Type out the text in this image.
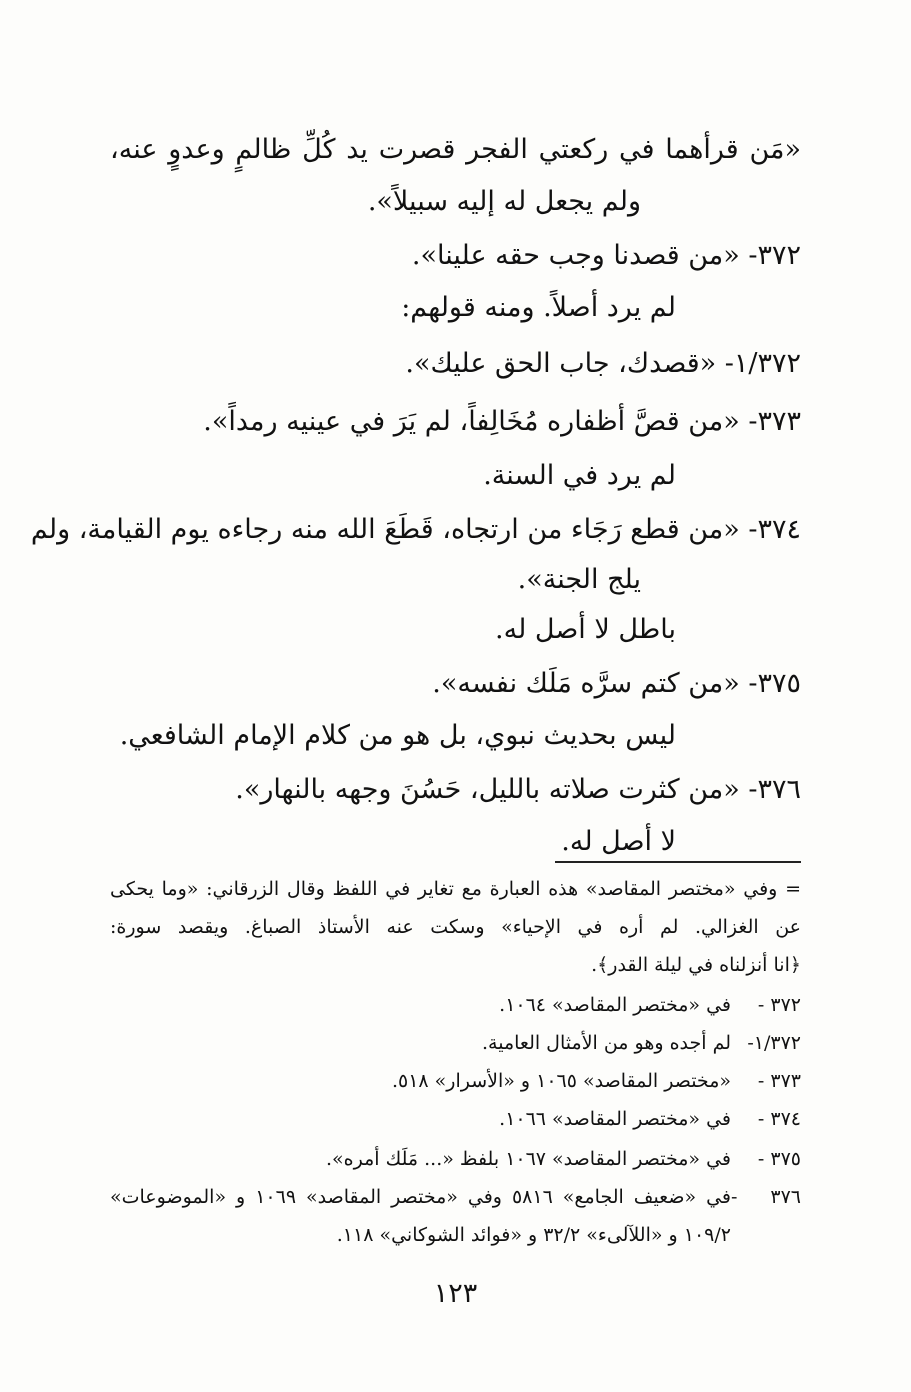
«مَن قرأهما في ركعتي الفجر قصرت يد كُلِّ ظالمٍ وعدوٍ عنه،
ولم يجعل له إليه سبيلاً».
٣٧٢- «من قصدنا وجب حقه علينا».
لم يرد أصلاً. ومنه قولهم:
١/٣٧٢- «قصدك، جاب الحق عليك».
٣٧٣- «من قصَّ أظفاره مُخَالِفاً، لم يَرَ في عينيه رمداً».
لم يرد في السنة.
٣٧٤- «من قطع رَجَاء من ارتجاه، قَطَعَ الله منه رجاءه يوم القيامة، ولم
يلج الجنة».
باطل لا أصل له.
٣٧٥- «من كتم سرَّه مَلَك نفسه».
ليس بحديث نبوي، بل هو من كلام الإمام الشافعي.
٣٧٦- «من كثرت صلاته بالليل، حَسُنَ وجهه بالنهار».
لا أصل له.
= وفي «مختصر المقاصد» هذه العبارة مع تغاير في اللفظ وقال الزرقاني: «وما يحكى
عن الغزالي. لم أره في الإحياء» وسكت عنه الأستاذ الصباغ. ويقصد سورة:
﴿انا أنزلناه في ليلة القدر﴾.
٣٧٢ -في «مختصر المقاصد» ١٠٦٤.
١/٣٧٢-لم أجده وهو من الأمثال العامية.
٣٧٣ -«مختصر المقاصد» ١٠٦٥ و «الأسرار» ٥١٨.
٣٧٤ -في «مختصر المقاصد» ١٠٦٦.
٣٧٥ -في «مختصر المقاصد» ١٠٦٧ بلفظ «... مَلَك أمره».
٣٧٦ -في «ضعيف الجامع» ٥٨١٦ وفي «مختصر المقاصد» ١٠٦٩ و «الموضوعات»
١٠٩/٢ و «اللآلىء» ٣٢/٢ و «فوائد الشوكاني» ١١٨.
١٢٣
